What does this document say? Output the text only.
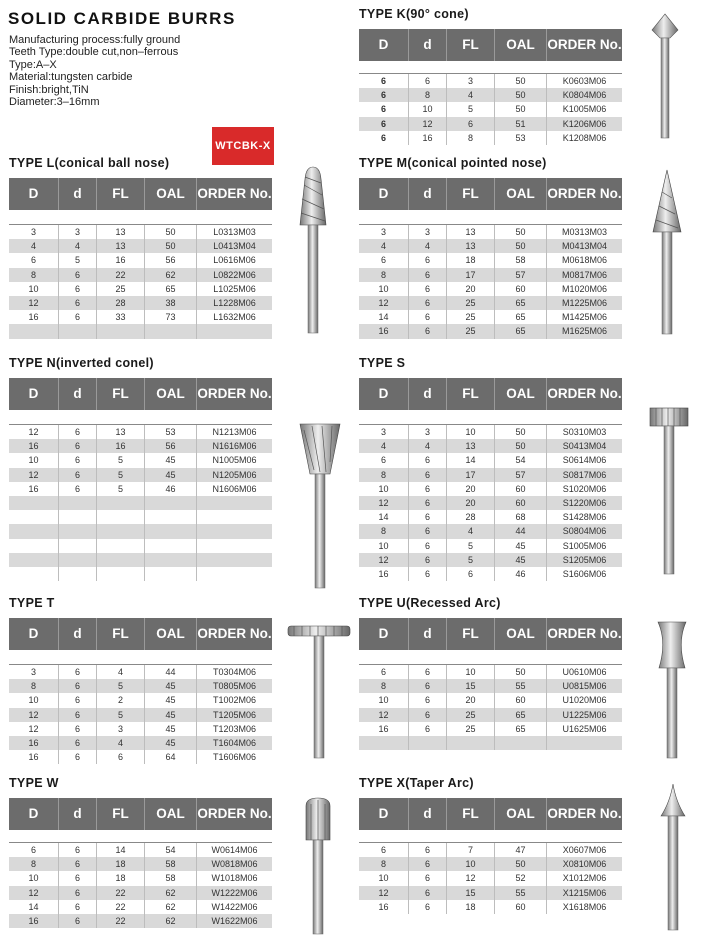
SOLID CARBIDE BURRS
Manufacturing process:fully ground
Teeth Type:double cut,non–ferrous
Type:A–X
Material:tungsten carbide
Finish:bright,TiN
Diameter:3–16mm
WTCBK-X
TYPE K(90° cone)
D	d	FL	OAL ORDER No.
6	6	3	50	K0603M06
6	8	4	50	K0804M06
6	10	5	50	K1005M06
6	12	6	51	K1206M06
6	16	8	53	K1208M06
TYPE L(conical ball nose)
D	d	FL	OAL ORDER No.
3	3	13	50	L0313M03
4	4	13	50	L0413M04
6	5	16	56	L0616M06
8	6	22	62	L0822M06
10	6	25	65	L1025M06
12	6	28	38	L1228M06
16	6	33	73	L1632M06
TYPE M(conical pointed nose)
D	d	FL	OAL ORDER No.
3	3	13	50	M0313M03
4	4	13	50	M0413M04
6	6	18	58	M0618M06
8	6	17	57	M0817M06
10	6	20	60	M1020M06
12	6	25	65	M1225M06
14	6	25	65	M1425M06
16	6	25	65	M1625M06
TYPE N(inverted conel)
D	d	FL	OAL ORDER No.
12	6	13	53	N1213M06
16	6	16	56	N1616M06
10	6	5	45	N1005M06
12	6	5	45	N1205M06
16	6	5	46	N1606M06
TYPE S
D	d	FL	OAL ORDER No.
3	3	10	50	S0310M03
4	4	13	50	S0413M04
6	6	14	54	S0614M06
8	6	17	57	S0817M06
10	6	20	60	S1020M06
12	6	20	60	S1220M06
14	6	28	68	S1428M06
8	6	4	44	S0804M06
10	6	5	45	S1005M06
12	6	5	45	S1205M06
16	6	6	46	S1606M06
TYPE T
D	d	FL	OAL ORDER No.
3	6	4	44	T0304M06
8	6	5	45	T0805M06
10	6	2	45	T1002M06
12	6	5	45	T1205M06
12	6	3	45	T1203M06
16	6	4	45	T1604M06
16	6	6	64	T1606M06
TYPE U(Recessed Arc)
D	d	FL	OAL ORDER No.
6	6	10	50	U0610M06
8	6	15	55	U0815M06
10	6	20	60	U1020M06
12	6	25	65	U1225M06
16	6	25	65	U1625M06
TYPE W
D	d	FL	OAL ORDER No.
6	6	14	54	W0614M06
8	6	18	58	W0818M06
10	6	18	58	W1018M06
12	6	22	62	W1222M06
14	6	22	62	W1422M06
16	6	22	62	W1622M06
TYPE X(Taper Arc)
D	d	FL	OAL ORDER No.
6	6	7	47	X0607M06
8	6	10	50	X0810M06
10	6	12	52	X1012M06
12	6	15	55	X1215M06
16	6	18	60	X1618M06
